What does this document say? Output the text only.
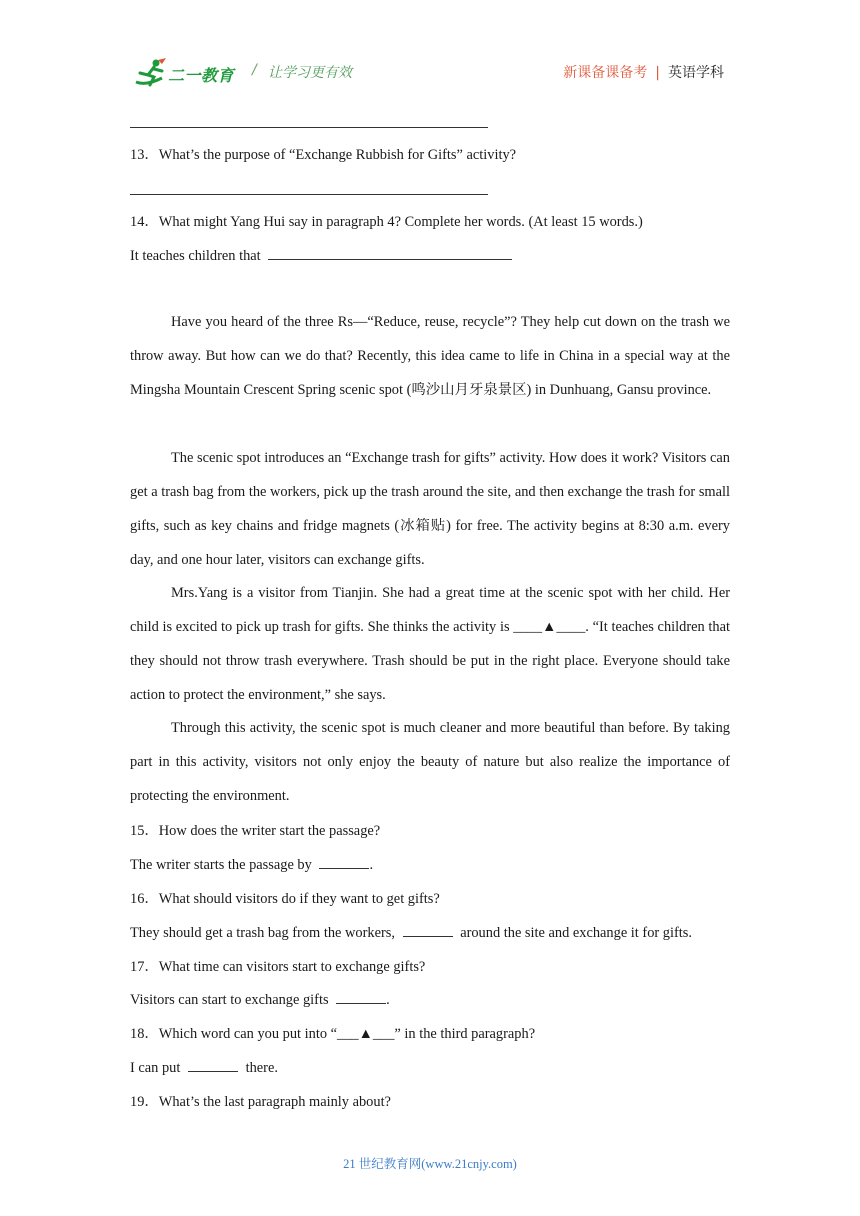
二一教育 / 让学习更有效	新课备课备考 | 英语学科
13．What’s the purpose of “Exchange Rubbish for Gifts” activity?
14．What might Yang Hui say in paragraph 4? Complete her words. (At least 15 words.)
It teaches children that

Have you heard of the three Rs—“Reduce, reuse, recycle”? They help cut down on the trash we throw away. But how can we do that? Recently, this idea came to life in China in a special way at the Mingsha Mountain Crescent Spring scenic spot (鸣沙山月牙泉景区) in Dunhuang, Gansu province.

The scenic spot introduces an “Exchange trash for gifts” activity. How does it work? Visitors can get a trash bag from the workers, pick up the trash around the site, and then exchange the trash for small gifts, such as key chains and fridge magnets (冰箱贴) for free. The activity begins at 8:30 a.m. every day, and one hour later, visitors can exchange gifts.

Mrs.Yang is a visitor from Tianjin. She had a great time at the scenic spot with her child. Her child is excited to pick up trash for gifts. She thinks the activity is ____▲____. “It teaches children that they should not throw trash everywhere. Trash should be put in the right place. Everyone should take action to protect the environment,” she says.

Through this activity, the scenic spot is much cleaner and more beautiful than before. By taking part in this activity, visitors not only enjoy the beauty of nature but also realize the importance of protecting the environment.

15．How does the writer start the passage?
The writer starts the passage by	.
16．What should visitors do if they want to get gifts?
They should get a trash bag from the workers,	around the site and exchange it for gifts.
17．What time can visitors start to exchange gifts?
Visitors can start to exchange gifts	.
18．Which word can you put into “___▲___” in the third paragraph?
I can put	there.
19．What’s the last paragraph mainly about?
21 世纪教育网(www.21cnjy.com)
